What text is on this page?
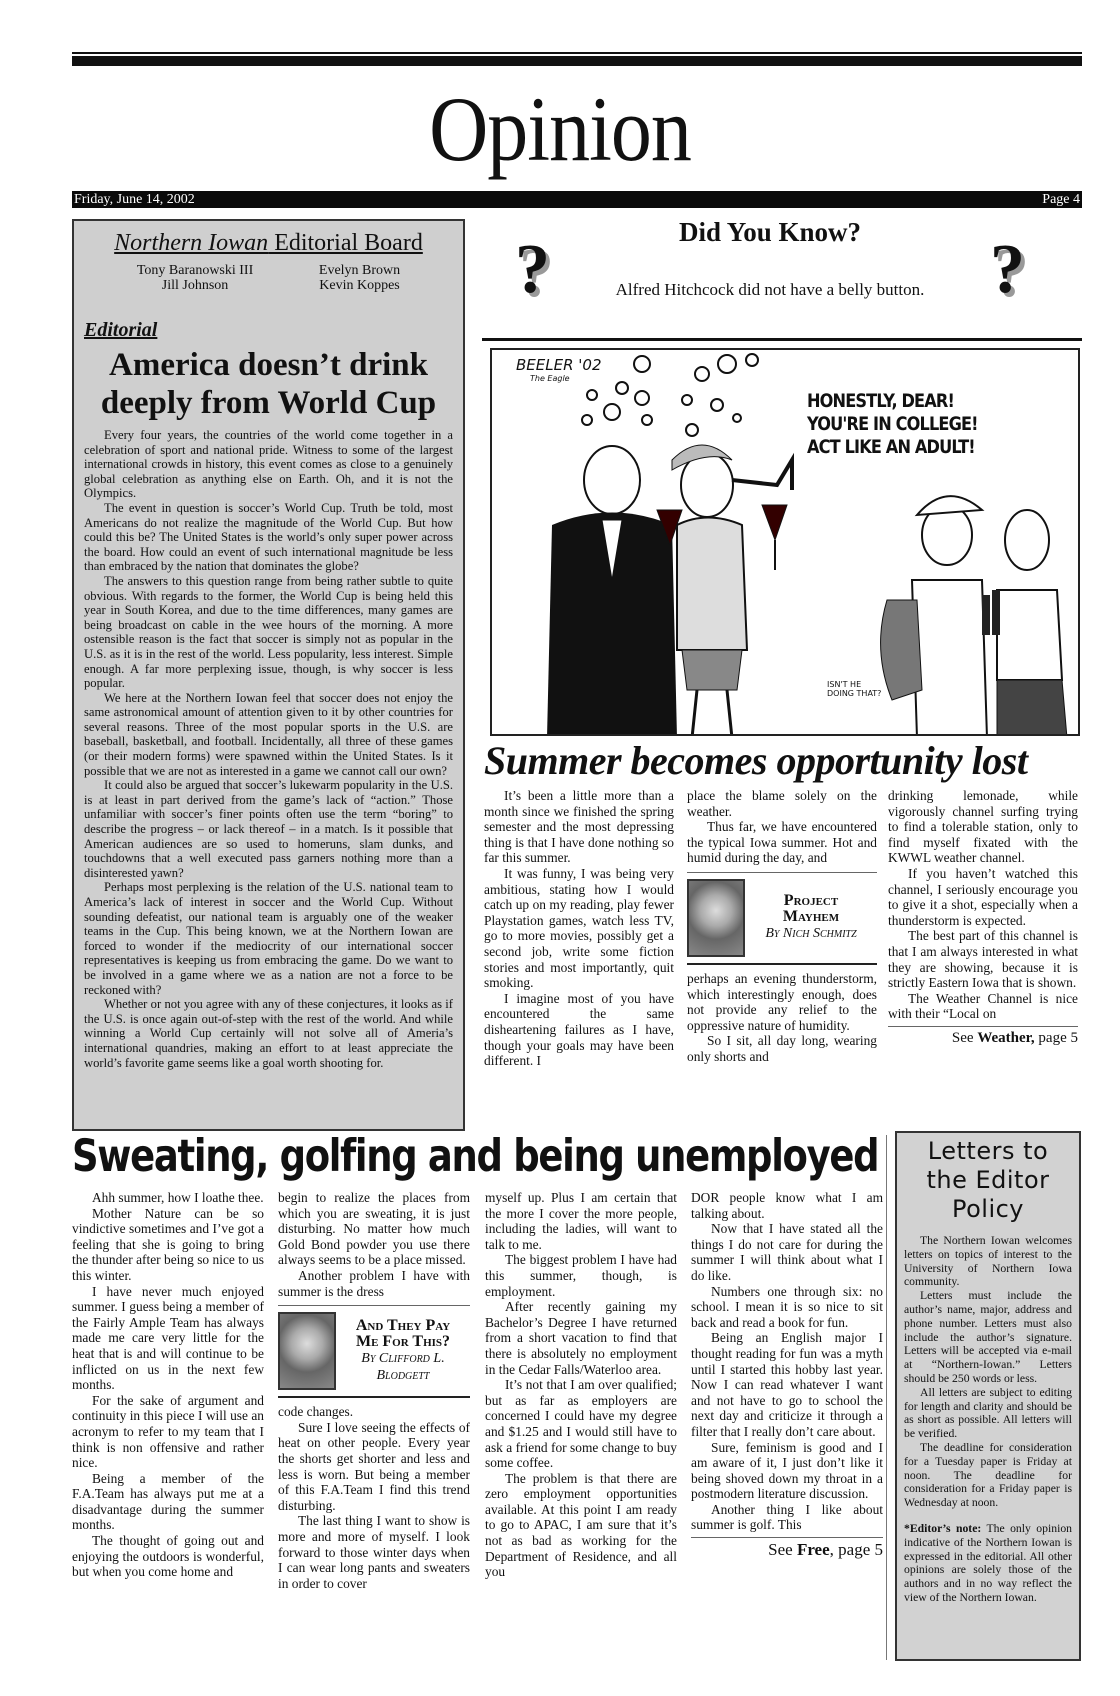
Opinion
Friday, June 14, 2002	Page 4
Northern Iowan Editorial Board
Tony Baranowski III
Jill Johnson
Evelyn Brown
Kevin Koppes
Editorial
America doesn’t drink deeply from World Cup

Every four years, the countries of the world come together in a celebration of sport and national pride. Witness to some of the largest international crowds in history, this event comes as close to a genuinely global celebration as anything else on Earth. Oh, and it is not the Olympics.

The event in question is soccer’s World Cup. Truth be told, most Americans do not realize the magnitude of the World Cup. But how could this be? The United States is the world’s only super power across the board. How could an event of such international magnitude be less than embraced by the nation that dominates the globe?

The answers to this question range from being rather subtle to quite obvious. With regards to the former, the World Cup is being held this year in South Korea, and due to the time differences, many games are being broadcast on cable in the wee hours of the morning. A more ostensible reason is the fact that soccer is simply not as popular in the U.S. as it is in the rest of the world. Less popularity, less interest. Simple enough. A far more perplexing issue, though, is why soccer is less popular.

We here at the Northern Iowan feel that soccer does not enjoy the same astronomical amount of attention given to it by other countries for several reasons. Three of the most popular sports in the U.S. are baseball, basketball, and football. Incidentally, all three of these games (or their modern forms) were spawned within the United States. Is it possible that we are not as interested in a game we cannot call our own?

It could also be argued that soccer’s lukewarm popularity in the U.S. is at least in part derived from the game’s lack of “action.” Those unfamiliar with soccer’s finer points often use the term “boring” to describe the progress – or lack thereof – in a match. Is it possible that American audiences are so used to homeruns, slam dunks, and touchdowns that a well executed pass garners nothing more than a disinterested yawn?

Perhaps most perplexing is the relation of the U.S. national team to America’s lack of interest in soccer and the World Cup. Without sounding defeatist, our national team is arguably one of the weaker teams in the Cup. This being known, we at the Northern Iowan are forced to wonder if the mediocrity of our international soccer representatives is keeping us from embracing the game. Do we want to be involved in a game where we as a nation are not a force to be reckoned with?

Whether or not you agree with any of these conjectures, it looks as if the U.S. is once again out-of-step with the rest of the world. And while winning a World Cup certainly will not solve all of Ameria’s international quandries, making an effort to at least appreciate the world’s favorite game seems like a goal worth shooting for.

?	?
Did You Know?
Alfred Hitchcock did not have a belly button.
BEELER '02
The Eagle
HONESTLY, DEAR!
YOU'RE IN COLLEGE!
ACT LIKE AN ADULT!
ISN'T HE
DOING THAT?
Summer becomes opportunity lost

It’s been a little more than a month since we finished the spring semester and the most depressing thing is that I have done nothing so far this summer.

It was funny, I was being very ambitious, stating how I would catch up on my reading, play fewer Playstation games, watch less TV, go to more movies, possibly get a second job, write some fiction stories and most importantly, quit smoking.

I imagine most of you have encountered the same disheartening failures as I have, though your goals may have been different. I

place the blame solely on the weather.

Thus far, we have encountered the typical Iowa summer. Hot and humid during the day, and

Project
Mayhem
By Nich Schmitz

perhaps an evening thunderstorm, which interestingly enough, does not provide any relief to the oppressive nature of humidity.

So I sit, all day long, wearing only shorts and

drinking lemonade, while vigorously channel surfing trying to find a tolerable station, only to find myself fixated with the KWWL weather channel.

If you haven’t watched this channel, I seriously encourage you to give it a shot, especially when a thunderstorm is expected.

The best part of this channel is that I am always interested in what they are showing, because it is strictly Eastern Iowa that is shown.

The Weather Channel is nice with their “Local on

See Weather, page 5
Sweating, golfing and being unemployed

Ahh summer, how I loathe thee.

Mother Nature can be so vindictive sometimes and I’ve got a feeling that she is going to bring the thunder after being so nice to us this winter.

I have never much enjoyed summer. I guess being a member of the Fairly Ample Team has always made me care very little for the heat that is and will continue to be inflicted on us in the next few months.

For the sake of argument and continuity in this piece I will use an acronym to refer to my team that I think is non offensive and rather nice.

Being a member of the F.A.Team has always put me at a disadvantage during the summer months.

The thought of going out and enjoying the outdoors is wonderful, but when you come home and

begin to realize the places from which you are sweating, it is just disturbing. No matter how much Gold Bond powder you use there always seems to be a place missed.

Another problem I have with summer is the dress

And They Pay
Me For This?
By Clifford L.
Blodgett

code changes.

Sure I love seeing the effects of heat on other people. Every year the shorts get shorter and less and less is worn. But being a member of this F.A.Team I find this trend disturbing.

The last thing I want to show is more and more of myself. I look forward to those winter days when I can wear long pants and sweaters in order to cover

myself up. Plus I am certain that the more I cover the more people, including the ladies, will want to talk to me.

The biggest problem I have had this summer, though, is employment.

After recently gaining my Bachelor’s Degree I have returned from a short vacation to find that there is absolutely no employment in the Cedar Falls/Waterloo area.

It’s not that I am over qualified; but as far as employers are concerned I could have my degree and $1.25 and I would still have to ask a friend for some change to buy some coffee.

The problem is that there are zero employment opportunities available. At this point I am ready to go to APAC, I am sure that it’s not as bad as working for the Department of Residence, and all you

DOR people know what I am talking about.

Now that I have stated all the things I do not care for during the summer I will think about what I do like.

Numbers one through six: no school. I mean it is so nice to sit back and read a book for fun.

Being an English major I thought reading for fun was a myth until I started this hobby last year. Now I can read whatever I want and not have to go to school the next day and criticize it through a filter that I really don’t care about.

Sure, feminism is good and I am aware of it, I just don’t like it being shoved down my throat in a postmodern literature discussion.

Another thing I like about summer is golf. This

See Free, page 5
Letters to
the Editor
Policy

The Northern Iowan welcomes letters on topics of interest to the University of Northern Iowa community.

Letters must include the author’s name, major, address and phone number. Letters must also include the author’s signature. Letters will be accepted via e-mail at “Northern-Iowan.” Letters should be 250 words or less.

All letters are subject to editing for length and clarity and should be as short as possible. All letters will be verified.

The deadline for consideration for a Tuesday paper is Friday at noon. The deadline for consideration for a Friday paper is Wednesday at noon.

*Editor’s note: The only opinion indicative of the Northern Iowan is expressed in the editorial. All other opinions are solely those of the authors and in no way reflect the view of the Northern Iowan.
